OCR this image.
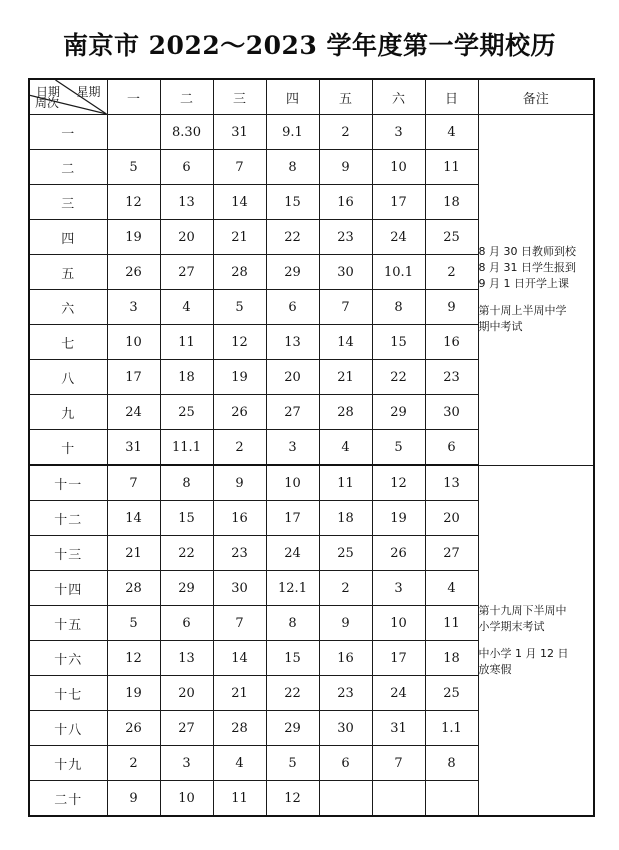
南京市 2022～2023 学年度第一学期校历
日期 星期
周次	一	二	三	四	五	六	日	备注
一		8.30	31	9.1	2	3	4	8 月 30 日教师到校
8 月 31 日学生报到
9 月 1 日开学上课
第十周上半周中学
期中考试

二	5	6	7	8	9	10	11	
三	12	13	14	15	16	17	18	
四	19	20	21	22	23	24	25	
五	26	27	28	29	30	10.1	2	
六	3	4	5	6	7	8	9	
七	10	11	12	13	14	15	16	
八	17	18	19	20	21	22	23	
九	24	25	26	27	28	29	30	
十	31	11.1	2	3	4	5	6	
十一	7	8	9	10	11	12	13	第十九周下半周中
小学期末考试
中小学 1 月 12 日
放寒假

十二	14	15	16	17	18	19	20	
十三	21	22	23	24	25	26	27	
十四	28	29	30	12.1	2	3	4	
十五	5	6	7	8	9	10	11	
十六	12	13	14	15	16	17	18	
十七	19	20	21	22	23	24	25	
十八	26	27	28	29	30	31	1.1	
十九	2	3	4	5	6	7	8	
二十	9	10	11	12				
